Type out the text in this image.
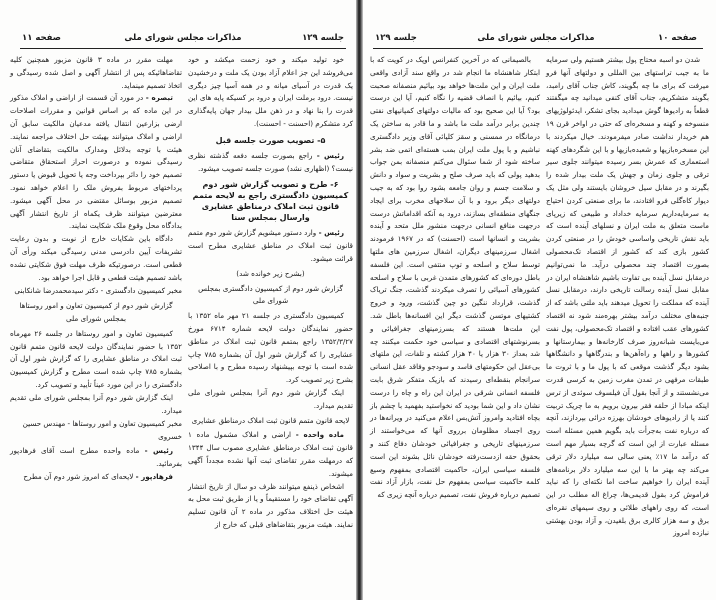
جلسه ۱۲۹
مذاکرات مجلس شورای ملی
صفحه ۱۱

خود تولید میکند و خود زحمت میکشد و خود می‌فروشد این جز اعلام آزاد بودن یک ملت و درخشیدن یک قدرت در آسیای میانه و در همه آسیا چیز دیگری نیست. درود برملت ایران و درود بر کسیکه پایه های این قدرت را بنا نهاد و در ذهن ملل بیدار جهان پایه‌گذاری کرد متشکرم (احسنت - احسنت).

۵- تصویب صورت جلسه قبل

رئیس - راجع بصورت جلسه دفعه گذشته نظری نیست؟ (اظهاری نشد) صورت جلسه تصویب میشود.

۶- طرح و تصویب گزارش شور دوم کمیسیون دادگستری راجع به لایحه متمم قانون ثبت املاک درمناطق عشایری وارسال بمجلس سنا

رئیس - وارد دستور میشویم گزارش شور دوم متمم قانون ثبت املاک در مناطق عشایری مطرح است قرائت میشود.

(بشرح زیر خوانده شد)

گزارش شور دوم از کمیسیون دادگستری بمجلس شورای ملی

کمیسیون دادگستری در جلسه ۲۱ مهر ماه ۱۳۵۲ با حضور نمایندگان دولت لایحه شماره ۶۷۱۴ مورخ ۱۳۵۲/۳/۲۷ راجع بمتمم قانون ثبت املاک در مناطق عشایری را که گزارش شور اول آن بشماره ۷۸۵ چاپ شده است با توجه بپیشنهاد رسیده مطرح و با اصلاحی بشرح زیر تصویب کرد.

اینک گزارش شور دوم آنرا بمجلس شورای ملی تقدیم میدارد.

لایحه قانون متمم قانون ثبت املاک درمناطق عشایری

ماده واحده - اراضی و املاک مشمول ماده ۱ قانون ثبت املاک درمناطق عشایری مصوب سال ۱۳۴۴ که درمهلت مقرر تقاضای ثبت آنها نشده مجدداً آگهی میشوند.

اشخاص ذینفع میتوانند ظرف دو سال از تاریخ انتشار آگهی تقاضای خود را مستقیماً و یا از طریق ثبت محل به هیئت حل اختلاف مذکور در ماده ۲ آن قانون تسلیم نمایند. هیئت مزبور بتقاضاهای قبلی که خارج از

مهلت مقرر در ماده ۳ قانون مزبور همچنین کلیه تقاضاهائیکه پس از انتشار آگهی و اصل شده رسیدگی و اتخاذ تصمیم مینماید.

تبصره - در مورد آن قسمت از اراضی و املاک مذکور در این ماده که بر اساس قوانین و مقررات اصلاحات ارضی بزارعین انتقال یافته مدعیان مالکیت سابق آن اراضی و املاک میتوانند بهیئت حل اختلاف مراجعه نمایند. هیئت با توجه بدلائل ومدارک مالکیت بتقاضای آنان رسیدگی نموده و درصورت احراز استحقاق متقاضی تصمیم خود را دائر بپرداخت وجه یا تحویل قبوض یا دستور پرداختهای مربوط بفروش ملک را اعلام خواهد نمود. تصمیم مزبور بوسائل مقتضی در محل آگهی میشود. معترضین میتوانند ظرف یکماه از تاریخ انتشار آگهی بدادگاه محل وقوع ملک شکایت نمایند.

دادگاه باین شکایات خارج از نوبت و بدون رعایت تشریفات آیین دادرسی مدنی رسیدگی میکند ورأی آن قطعی است. درصورتیکه ظرف مهلت فوق شکایتی نشده باشد تصمیم هیئت قطعی و قابل اجرا خواهد بود.

مخبر کمیسیون دادگستری - دکتر سیدمحمدرضا شانکابنی

گزارش شور دوم از کمیسیون تعاون و امور روستاها بمجلس شورای ملی

کمیسیون تعاون و امور روستاها در جلسه ۲۶ مهرماه ۱۳۵۲ با حضور نمایندگان دولت لایحه قانون متمم قانون ثبت املاک در مناطق عشایری را که گزارش شور اول آن بشماره ۷۸۵ چاپ شده است مطرح و گزارش کمیسیون دادگستری را در این مورد عیناً تأیید و تصویب کرد.

اینک گزارش شور دوم آنرا بمجلس شورای ملی تقدیم میدارد.

مخبر کمیسیون تعاون و امور روستاها - مهندس حسین خسروی

رئیس - ماده واحده مطرح است آقای فرهادپور بفرمائید.

فرهادپور - لایحه‌ای که امروز شور دوم آن مطرح

صفحه ۱۰
مذاکرات مجلس شورای ملی
جلسه ۱۲۹

شدن دو اسبه محتاج پول بیشتر هستیم ولی سرمایه ما به جیب تراستهای بین المللی و دولتهای آنها فرو میرفت که برای ما چه بگویند، کاش جناب آقای رامبد، بگویند متشکریم، جناب آقای کنفی میدانید چه میگفتند قطعاً به رادیوها گوش میدادید بجای تشکر، ایدئولوژیهای منسوخه و کهنه و مسخره‌ای که حتی در اواخر قرن ۱۹ هم خریدار نداشت صادر میفرمودند. خیال میکردند با این مسخره‌بازیها و شعبده‌بازیها و با این شگردهای کهنه استعماری که عمرش بسر رسیده میتوانند جلوی سیر ترقی و جلوی زمان و جهش یک ملت بیدار شده را بگیرند و در مقابل سیل خروشان بایستند ولی مثل یک دیوار کاه‌گلی فرو افتادند، ما برای صنعتی کردن احتیاج به سرمایه‌داریم سرمایه خداداد و طبیعی که زیرپای ماست متعلق به ملت ایران و نسلهای آینده است که باید نقش تاریخی واساسی خودش را در صنعتی کردن کشور بازی کند که کشور از اقتصاد تک‌محصولی بصورت اقتصاد چند محصولی درآید. ما نمی‌توانیم درمقابل نسل آینده بی تفاوت باشیم شاهنشاه ایران در مقابل نسل آینده رسالت تاریخی دارند، درمقابل نسل آینده که مملکت را تحویل میدهند باید ملتی باشد که از جنبه‌های مختلف درآمد بیشتر بهره‌مند شود نه اقتصاد کشورهای عقب افتاده و اقتصاد تک‌محصولی، پول نفت می‌بایست شبانه‌روز صرف کارخانه‌ها و بیمارستانها و کشورها و راهها و راه‌آهن‌ها و بندرگاهها و دانشگاهها بشود دیگر گذشت موقعی که با پول ما و با ثروت ما طبقات مرفهی در تمدن مغرب زمین به کرسی قدرت می‌نشستند و از آنجا بقول آن فیلسوف سوئدی از ترس اینکه مبادا از حلقه فقر بیرون برویم به ما چریک تربیت کنند یا از رادیوهای خودشان بهرزه درائی بپردازند، آنچه که درباره نفت به‌جرأت باید بگویم همین مسئله است مسئله عبارت از این است که گرچه بسیار مهم است که درآمد ما ۱۷٪ یعنی سالی سه میلیارد دلار ترقی می‌کند چه بهتر ما با این سه میلیارد دلار برنامه‌های آینده ایران را خواهیم ساخت اما نکته‌ای را که نباید فراموش کرد بقول قدیمی‌ها، چراغ اله مطلب در این است، که روی راههای طلائی و روی سیمهای نقره‌ای برق و سه هزار کالری برق بلغیدن، و آزاد بودن بهشتی نبازده امروز

بالصیمانی که در آخرین کنفرانس اوپک در کویت که با ابتکار شاهنشاه ما انجام شد در واقع سند آزادی واقعی ملت ایران و این ملت‌ها خواهد بود بیائیم منصفانه صحبت کنیم، بیائیم با انصاف قضیه را نگاه کنیم، آیا این درست بود؟ آیا این صحیح بود که مالیات دولتهای کمپانیهای نفتی چندین برابر درآمد ملت ما باشد و ما قادر به ساختن یک درمانگاه در ممسنی و سقز کلیائی آقای وزیر دادگستری نباشیم و با پول ملت ایران بمب هسته‌ای اتمی ضد بشر ساخته شود از شما سئوال می‌کنم منصفانه بمن جواب بدهید پولی که باید صرف صلح و بشریت و سواد و دانش و سلامت جسم و روان جامعه بشود روا بود که به جیب دولتهای دیگر برود و با آن سلاحهای مخرب برای ایجاد جنگهای منطقه‌ای بسازند، درود به آنکه اقداماتش درست درجهت منافع انسانی درجهت منشور ملل متحد و آینده بشریت و انسانها است (احسنت) که در ۱۹۶۷ فرمودند اشغال سرزمینهای دیگران، اشغال سرزمین های ملتها توسط سلاح و اسلحه و توپ منتفی است. این فلسفه باطل دوره‌ای که کشورهای متمدن غربی با سلاح و اسلحه کشورهای آسیائی را تصرف میکردند گذشت، جنگ تریاک گذشت، قرارداد ننگین دو چین گذشت، ورود و خروج کشتیهای موتسن گذشت دیگر این افسانه‌ها باطل شد. این ملت‌ها هستند که بسرزمینهای جغرافیائی و بسرنوشتهای اقتصادی و سیاسی خود حکمت میکنند چه شد بعداز ۳۰ هزار یا ۴۰ هزار کشته و تلفات، این ملتهای بی‌عقل این حکومتهای فاسد و سودجو وفاقد عقل انسانی سرانجام بنقطه‌ای رسیدند که بازیک متفکر شرق بابت فلسفه انسانی شرقی در ایران این راه و چاه را درست نشان داد و این شما بودید که نخواستید بفهمید با چشم باز بچاه افتادید وامروز آتش‌بس اعلام می‌کنید در ویرانه‌ها در روی اجساد مظلومان برروی آنها که می‌خواستند از سرزمینهای تاریخی و جغرافیائی خودشان دفاع کنند و بحقوق حقه ازدست‌رفته خودشان نائل بشوند این است فلسفه سیاسی ایران، حاکمیت اقتصادی بمفهوم وسیع کلمه حاکمیت سیاسی بمفهوم حل نفت، بازار آزاد نفت تصمیم درباره فروش نفت، تصمیم درباره آنچه زیری که
